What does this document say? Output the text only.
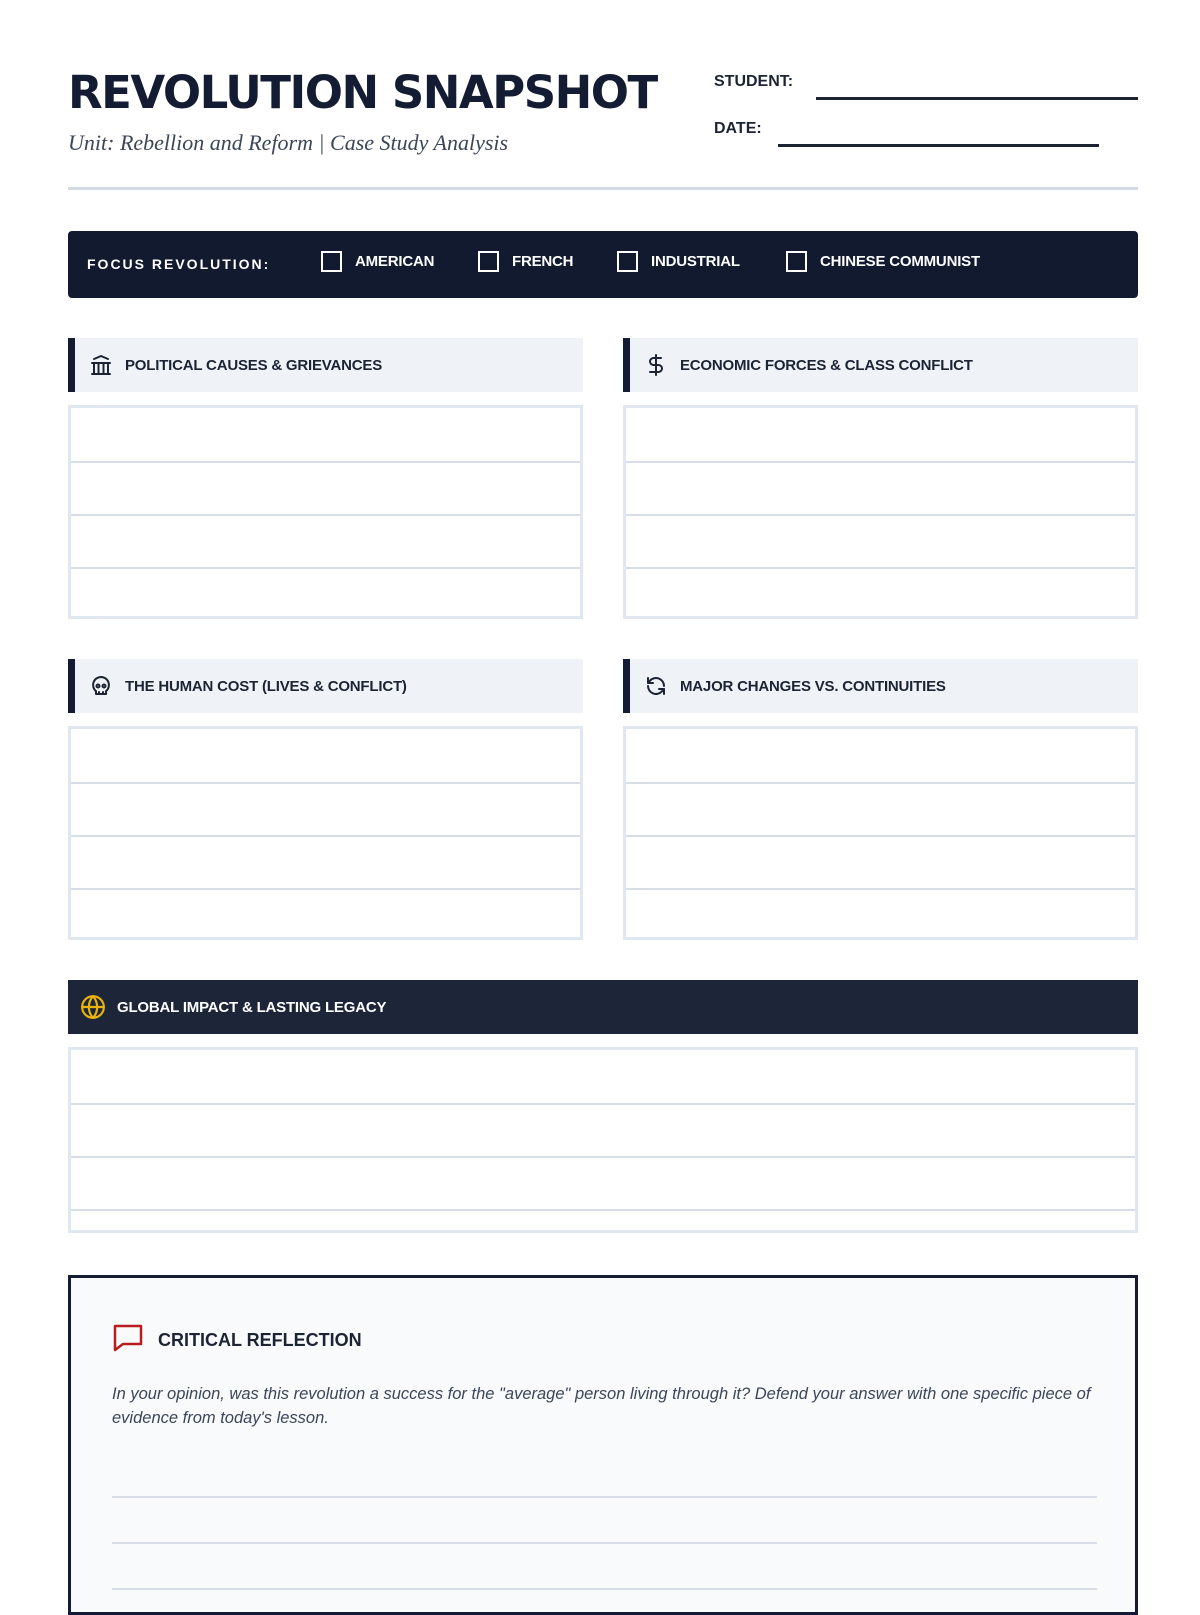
REVOLUTION SNAPSHOT
Unit: Rebellion and Reform | Case Study Analysis
STUDENT:
DATE:
FOCUS REVOLUTION:	AMERICAN	FRENCH	INDUSTRIAL	CHINESE COMMUNIST
POLITICAL CAUSES & GRIEVANCES	ECONOMIC FORCES & CLASS CONFLICT
THE HUMAN COST (LIVES & CONFLICT)	MAJOR CHANGES VS. CONTINUITIES
GLOBAL IMPACT & LASTING LEGACY
CRITICAL REFLECTION
In your opinion, was this revolution a success for the "average" person living through it? Defend your answer with one specific piece of evidence from today's lesson.
